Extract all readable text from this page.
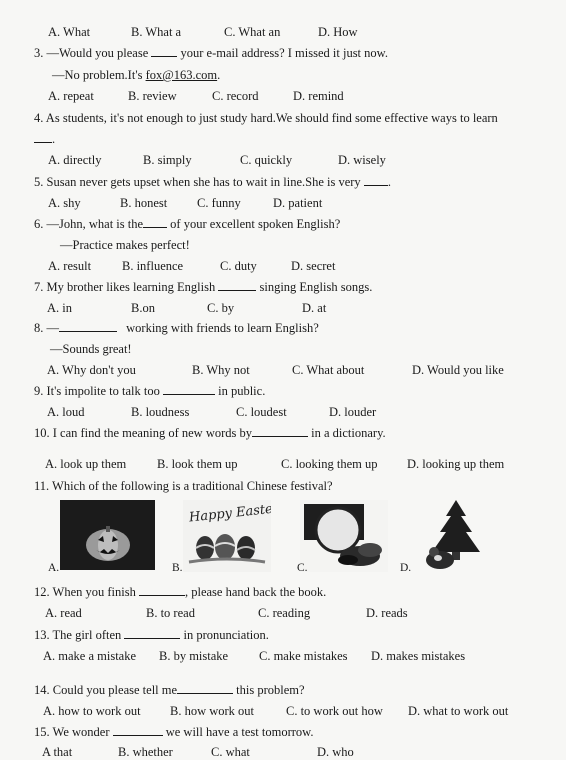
A. What	B. What a	C. What an	D. How
3. —Would you please	your e-mail address? I missed it just now.
—No problem.It's fox@163.com.
A. repeat	B. review	C. record	D. remind
4. As students, it's not enough to just study hard.We should find some effective ways to learn
.
A. directly	B. simply	C. quickly	D. wisely
5. Susan never gets upset when she has to wait in line.She is very .
A. shy	B. honest C. funny	D. patient
6. —John, what is the of your excellent spoken English?
—Practice makes perfect!
A. result B. influence	C. duty	D. secret
7. My brother likes learning English	singing English songs.
A. in	B.on	C. by	D. at
8. —	working with friends to learn English?
—Sounds great!
A. Why don't you	B. Why not	C. What about	D. Would you like
9. It's impolite to talk too	in public.
A. loud	B. loudness	C. loudest	D. louder
10. I can find the meaning of new words by	in a dictionary.
A. look up them B. look them up	C. looking them up D. looking up them
11. Which of the following is a traditional Chinese festival?
A.
Happy Easter
B.	C.	D.
12. When you finish	, please hand back the book.
A. read	B. to read	C. reading	D. reads
13. The girl often	in pronunciation.
A. make a mistake B. by mistake C. make mistakes D. makes mistakes
14. Could you please tell me	this problem?
A. how to work out B. how work out	C. to work out how D. what to work out
15. We wonder	we will have a test tomorrow.
A that	B. whether	C. what	D. who
